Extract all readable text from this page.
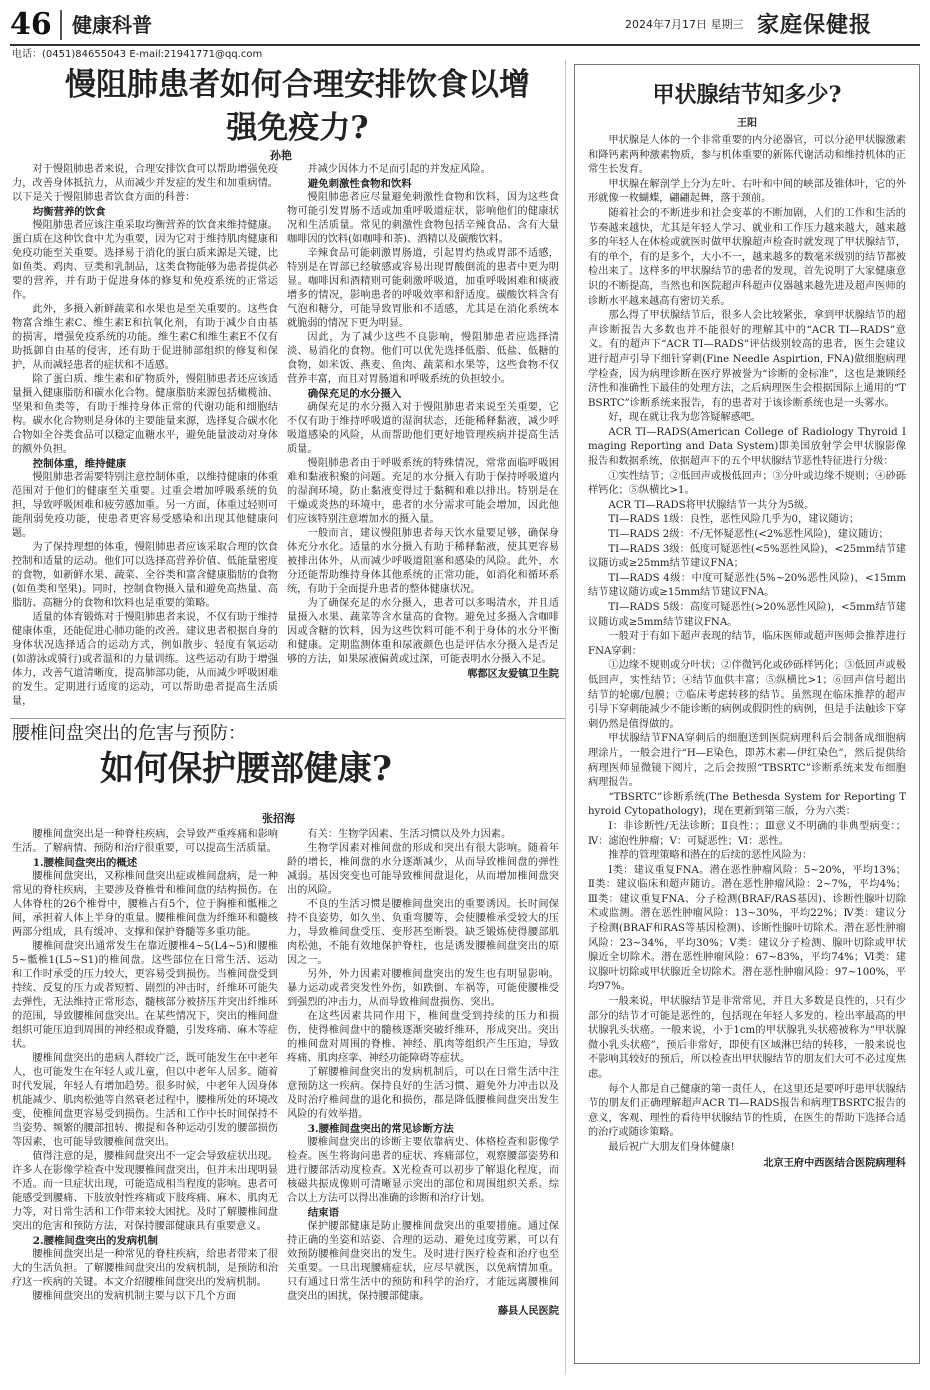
46 健康科普	2024年7月17日 星期三 家庭保健报
电话：(0451)84655043 E-mail:21941771@qq.com
慢阻肺患者如何合理安排饮食以增强免疫力?
孙艳

对于慢阻肺患者来说，合理安排饮食可以帮助增强免疫力，改善身体抵抗力，从而减少并发症的发生和加重病情。以下是关于慢阻肺患者饮食方面的科普：

均衡营养的饮食

慢阻肺患者应该注重采取均衡营养的饮食来维持健康。蛋白质在这种饮食中尤为重要，因为它对于维持肌肉健康和免疫功能至关重要。选择易于消化的蛋白质来源是关键，比如鱼类、鸡肉、豆类和乳制品，这类食物能够为患者提供必要的营养，并有助于促进身体的修复和免疫系统的正常运作。

此外，多摄入新鲜蔬菜和水果也是至关重要的。这些食物富含维生素C、维生素E和抗氧化剂，有助于减少自由基的损害，增强免疫系统的功能。维生素C和维生素E不仅有助抵御自由基的侵害，还有助于促进肺部组织的修复和保护，从而减轻患者的症状和不适感。

除了蛋白质、维生素和矿物质外，慢阻肺患者还应该适量摄入健康脂肪和碳水化合物。健康脂肪来源包括橄榄油、坚果和鱼类等，有助于维持身体正常的代谢功能和细胞结构。碳水化合物则是身体的主要能量来源，选择复合碳水化合物如全谷类食品可以稳定血糖水平，避免能量波动对身体的额外负担。

控制体重，维持健康

慢阻肺患者需要特别注意控制体重，以维持健康的体重范围对于他们的健康至关重要。过重会增加呼吸系统的负担，导致呼吸困难和疲劳感加重。另一方面，体重过轻则可能削弱免疫功能，使患者更容易受感染和出现其他健康问题。

为了保持理想的体重，慢阻肺患者应该采取合理的饮食控制和适量的运动。他们可以选择高营养价值、低能量密度的食物，如新鲜水果、蔬菜、全谷类和富含健康脂肪的食物(如鱼类和坚果)。同时，控制食物摄入量和避免高热量、高脂肪、高糖分的食物和饮料也是重要的策略。

适量的体育锻炼对于慢阻肺患者来说，不仅有助于维持健康体重，还能促进心肺功能的改善。建议患者根据自身的身体状况选择适合的运动方式，例如散步、轻度有氧运动(如游泳或骑行)或者温和的力量训练。这些运动有助于增强体力，改善气道清晰度，提高肺部功能，从而减少呼吸困难的发生。定期进行适度的运动，可以帮助患者提高生活质量，

并减少因体力不足而引起的并发症风险。

避免刺激性食物和饮料

慢阻肺患者应尽量避免刺激性食物和饮料，因为这些食物可能引发胃肠不适或加重呼吸道症状，影响他们的健康状况和生活质量。常见的刺激性食物包括辛辣食品、含有大量咖啡因的饮料(如咖啡和茶)、酒精以及碳酸饮料。

辛辣食品可能刺激胃肠道，引起胃灼热或胃部不适感，特别是在胃部已经敏感或容易出现胃酸倒流的患者中更为明显。咖啡因和酒精则可能刺激呼吸道，加重呼吸困难和痰液增多的情况，影响患者的呼吸效率和舒适度。碳酸饮料含有气泡和糖分，可能导致胃胀和不适感，尤其是在消化系统本就脆弱的情况下更为明显。

因此，为了减少这些不良影响，慢阻肺患者应选择清淡、易消化的食物。他们可以优先选择低脂、低盐、低糖的食物，如米饭、燕麦、鱼肉、蔬菜和水果等，这些食物不仅营养丰富，而且对胃肠道和呼吸系统的负担较小。

确保充足的水分摄入

确保充足的水分摄入对于慢阻肺患者来说至关重要，它不仅有助于维持呼吸道的湿润状态，还能稀释黏液，减少呼吸道感染的风险，从而帮助他们更好地管理疾病并提高生活质量。

慢阻肺患者由于呼吸系统的特殊情况，常常面临呼吸困难和黏液积聚的问题。充足的水分摄入有助于保持呼吸道内的湿润环境，防止黏液变得过于黏稠和难以排出。特别是在干燥或炎热的环境中，患者的水分需求可能会增加，因此他们应该特别注意增加水的摄入量。

一般而言，建议慢阻肺患者每天饮水量要足够，确保身体充分水化。适量的水分摄入有助于稀释黏液，使其更容易被排出体外，从而减少呼吸道阻塞和感染的风险。此外，水分还能帮助维持身体其他系统的正常功能，如消化和循环系统，有助于全面提升患者的整体健康状况。

为了确保充足的水分摄入，患者可以多喝清水，并且适量摄入水果、蔬菜等含水量高的食物。避免过多摄入含咖啡因或含糖的饮料，因为这些饮料可能不利于身体的水分平衡和健康。定期监测体重和尿液颜色也是评估水分摄入是否足够的方法，如果尿液偏黄或过深，可能表明水分摄入不足。

郸都区友爱镇卫生院

腰椎间盘突出的危害与预防：
如何保护腰部健康?
张招海

腰椎间盘突出是一种脊柱疾病，会导致严重疼痛和影响生活。了解病情、预防和治疗很重要，可以提高生活质量。

1.腰椎间盘突出的概述

腰椎间盘突出，又称椎间盘突出症或椎间盘病，是一种常见的脊柱疾病，主要涉及脊椎骨和椎间盘的结构损伤。在人体脊柱的26个椎骨中，腰椎占有5个，位于胸椎和骶椎之间，承担着人体上半身的重量。腰椎椎间盘为纤维环和髓核两部分组成，具有缓冲、支撑和保护脊髓等多重功能。

腰椎间盘突出通常发生在靠近腰椎4~5(L4~5)和腰椎5~骶椎1(L5~S1)的椎间盘。这些部位在日常生活、运动和工作时承受的压力较大，更容易受到损伤。当椎间盘受到持续、反复的压力或者短暂、剧烈的冲击时，纤维环可能失去弹性，无法维持正常形态，髓核部分被挤压并突出纤维环的范围，导致腰椎间盘突出。在某些情况下，突出的椎间盘组织可能压迫到周围的神经根或脊髓，引发疼痛、麻木等症状。

腰椎间盘突出的患病人群较广泛，既可能发生在中老年人，也可能发生在年轻人或儿童，但以中老年人居多。随着时代发展，年轻人有增加趋势。很多时候，中老年人因身体机能减少、肌肉松弛等自然衰老过程中，腰椎所处的环境改变，使椎间盘更容易受到损伤。生活和工作中长时间保持不当姿势、频繁的腰部扭转、搬提和各种运动引发的腰部损伤等因素，也可能导致腰椎间盘突出。

值得注意的是，腰椎间盘突出不一定会导致症状出现。许多人在影像学检查中发现腰椎间盘突出，但并未出现明显不适。而一旦症状出现，可能造成相当程度的影响。患者可能感受到腰痛、下肢放射性疼痛或下肢疼痛、麻木、肌肉无力等，对日常生活和工作带来较大困扰。及时了解腰椎间盘突出的危害和预防方法，对保持腰部健康具有重要意义。

2.腰椎间盘突出的发病机制

腰椎间盘突出是一种常见的脊柱疾病，给患者带来了很大的生活负担。了解腰椎间盘突出的发病机制，是预防和治疗这一疾病的关键。本文介绍腰椎间盘突出的发病机制。

腰椎间盘突出的发病机制主要与以下几个方面

有关：生物学因素、生活习惯以及外力因素。

生物学因素对椎间盘的形成和突出有很大影响。随着年龄的增长，椎间盘的水分逐渐减少，从而导致椎间盘的弹性减弱。基因突变也可能导致椎间盘退化，从而增加椎间盘突出的风险。

不良的生活习惯是腰椎间盘突出的重要诱因。长时间保持不良姿势，如久坐、负重弯腰等，会使腰椎承受较大的压力，导致椎间盘受压、变形甚至断裂。缺乏锻炼使得腰部肌肉松弛，不能有效地保护脊柱，也是诱发腰椎间盘突出的原因之一。

另外，外力因素对腰椎间盘突出的发生也有明显影响。暴力运动或者突发性外伤，如跌倒、车祸等，可能使腰椎受到强烈的冲击力，从而导致椎间盘损伤、突出。

在这些因素共同作用下，椎间盘受到持续的压力和损伤，使得椎间盘中的髓核逐渐突破纤维环，形成突出。突出的椎间盘对周围的脊椎、神经、肌肉等组织产生压迫，导致疼痛、肌肉痉挛、神经功能障碍等症状。

了解腰椎间盘突出的发病机制后，可以在日常生活中注意预防这一疾病。保持良好的生活习惯、避免外力冲击以及及时治疗椎间盘的退化和损伤，都是降低腰椎间盘突出发生风险的有效举措。

3.腰椎间盘突出的常见诊断方法

腰椎间盘突出的诊断主要依靠病史、体格检查和影像学检查。医生将询问患者的症状、疼痛部位，观察腰部姿势和进行腰部活动度检查。X光检查可以初步了解退化程度，而核磁共振成像则可清晰显示突出的部位和周围组织关系。综合以上方法可以得出准确的诊断和治疗计划。

结束语

保护腰部健康是防止腰椎间盘突出的重要措施。通过保持正确的坐姿和站姿、合理的运动、避免过度劳累，可以有效预防腰椎间盘突出的发生。及时进行医疗检查和治疗也至关重要。一旦出现腰痛症状，应尽早就医，以免病情加重。只有通过日常生活中的预防和科学的治疗，才能远离腰椎间盘突出的困扰，保持腰部健康。

藤县人民医院

甲状腺结节知多少?
王阳

甲状腺是人体的一个非常重要的内分泌器官，可以分泌甲状腺激素和降钙素两种激素物质，参与机体重要的新陈代谢活动和维持机体的正常生长发育。

甲状腺在解剖学上分为左叶、右叶和中间的峡部及锥体叶，它的外形就像一枚蝴蝶，翩翩起舞，落于颈前。

随着社会的不断进步和社会变革的不断加剧，人们的工作和生活的节奏越来越快，尤其是年轻人学习、就业和工作压力越来越大，越来越多的年轻人在体检或就医时做甲状腺超声检查时就发现了甲状腺结节，有的单个，有的是多个，大小不一，越来越多的数毫米级别的结节都被检出来了。这样多的甲状腺结节的患者的发现，首先说明了大家健康意识的不断提高，当然也和医院超声科超声仪器越来越先进及超声医师的诊断水平越来越高有密切关系。

那么得了甲状腺结节后，很多人会比较紧张，拿到甲状腺结节的超声诊断报告大多数也并不能很好的理解其中的“ACR TI—RADS”意义。有的超声下“ACR TI—RADS”评估级别较高的患者，医生会建议进行超声引导下细针穿刺(Fine Needle Aspirtion, FNA)做细胞病理学检查，因为病理诊断在医疗界被誉为“诊断的金标准”，这也是兼顾经济性和准确性下最佳的处理方法，之后病理医生会根据国际上通用的“TBSRTC”诊断系统来报告，有的患者对于该诊断系统也是一头雾水。

好，现在就让我为您答疑解惑吧。

ACR TI—RADS(American College of Radiology Thyroid Imaging Reporting and Data System)即美国放射学会甲状腺影像报告和数据系统，依据超声下的五个甲状腺结节恶性特征进行分级：

①实性结节；②低回声或极低回声；③分叶或边缘不规则；④砂砾样钙化；⑤纵横比>1。

ACR TI—RADS将甲状腺结节一共分为5级。

TI—RADS 1级：良性，恶性风险几乎为0，建议随访；

TI—RADS 2级：不/无怀疑恶性(<2%恶性风险)，建议随访；

TI—RADS 3级：低度可疑恶性(<5%恶性风险)，<25mm结节建议随访或≥25mm结节建议FNA；

TI—RADS 4级：中度可疑恶性(5%~20%恶性风险)，<15mm结节建议随访或≥15mm结节建议FNA。

TI—RADS 5级：高度可疑恶性(>20%恶性风险)，<5mm结节建议随访或≥5mm结节建议FNA。

一般对于有如下超声表现的结节，临床医师或超声医师会推荐进行FNA穿刺：

①边缘不规则或分叶状；②伴微钙化或砂砾样钙化；③低回声或极低回声，实性结节；④结节血供丰富；⑤纵横比>1；⑥回声信号超出结节的轮廓/包膜；⑦临床考虑转移的结节。虽然现在临床推荐的超声引导下穿刺能减少不能诊断的病例或假阴性的病例，但是手法触诊下穿刺仍然是值得做的。

甲状腺结节FNA穿刺后的细胞送到医院病理科后会制备成细胞病理涂片，一般会进行“H—E染色，即苏木素—伊红染色”，然后提供给病理医师显微镜下阅片，之后会按照“TBSRTC”诊断系统来发布细胞病理报告。

“TBSRTC”诊断系统(The Bethesda System for Reporting Thyroid Cytopathology)，现在更新到第三版，分为六类：

Ⅰ：非诊断性/无法诊断；Ⅱ良性：；Ⅲ意义不明确的非典型病变：；Ⅳ：滤泡性肿瘤；Ⅴ：可疑恶性；Ⅵ：恶性。

推荐的管理策略和潜在的后续的恶性风险为：

Ⅰ类：建议重复FNA。潜在恶性肿瘤风险：5~20%，平均13%；Ⅱ类：建议临床和超声随访。潜在恶性肿瘤风险：2~7%，平均4%；Ⅲ类：建议重复FNA、分子检测(BRAF/RAS基因)、诊断性腺叶切除术或监测。潜在恶性肿瘤风险：13~30%，平均22%；Ⅳ类：建议分子检测(BRAF和RAS等基因检测)、诊断性腺叶切除术。潜在恶性肿瘤风险：23~34%，平均30%；Ⅴ类：建议分子检测、腺叶切除或甲状腺近全切除术。潜在恶性肿瘤风险：67~83%，平均74%；Ⅵ类：建议腺叶切除或甲状腺近全切除术。潜在恶性肿瘤风险：97~100%，平均97%。

一般来说，甲状腺结节是非常常见，并且大多数是良性的，只有少部分的结节才可能是恶性的，包括现在年轻人多发的、检出率最高的甲状腺乳头状癌。一般来说，小于1cm的甲状腺乳头状癌被称为“甲状腺微小乳头状癌”，预后非常好，即使有区域淋巴结的转移，一般来说也不影响其较好的预后，所以检查出甲状腺结节的朋友们大可不必过度焦虑。

每个人都是自己健康的第一责任人，在这里还是要呼吁患甲状腺结节的朋友们正确理解超声ACR TI—RADS报告和病理TBSRTC报告的意义，客观、理性的看待甲状腺结节的性质，在医生的帮助下选择合适的治疗或随诊策略。

最后祝广大朋友们身体健康!

北京王府中西医结合医院病理科
